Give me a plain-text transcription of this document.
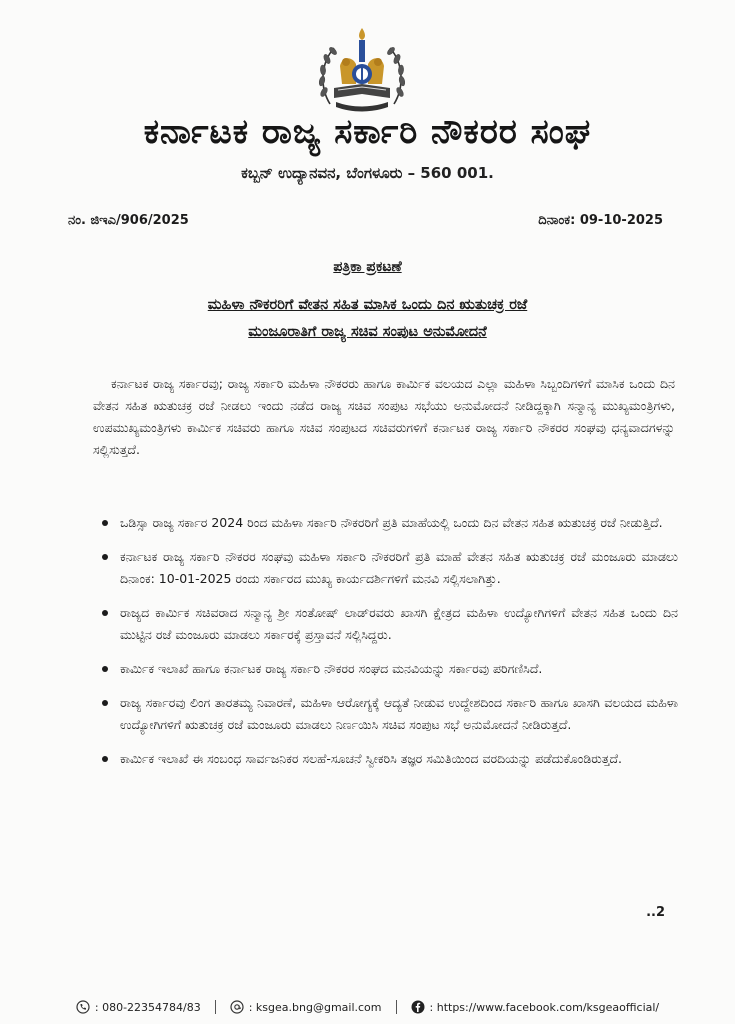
ಕರ್ನಾಟಕ ರಾಜ್ಯ ಸರ್ಕಾರಿ ನೌಕರರ ಸಂಘ
ಕಬ್ಬನ್ ಉದ್ಯಾನವನ, ಬೆಂಗಳೂರು – 560 001.
ನಂ. ಜಿಇಎ/906/2025	ದಿನಾಂಕ: 09-10-2025
ಪತ್ರಿಕಾ ಪ್ರಕಟಣೆ
ಮಹಿಳಾ ನೌಕರರಿಗೆ ವೇತನ ಸಹಿತ ಮಾಸಿಕ ಒಂದು ದಿನ ಋತುಚಕ್ರ ರಜೆ
ಮಂಜೂರಾತಿಗೆ ರಾಜ್ಯ ಸಚಿವ ಸಂಪುಟ ಅನುಮೋದನೆ

ಕರ್ನಾಟಕ ರಾಜ್ಯ ಸರ್ಕಾರವು; ರಾಜ್ಯ ಸರ್ಕಾರಿ ಮಹಿಳಾ ನೌಕರರು ಹಾಗೂ ಕಾರ್ಮಿಕ ವಲಯದ ಎಲ್ಲಾ ಮಹಿಳಾ ಸಿಬ್ಬಂದಿಗಳಿಗೆ ಮಾಸಿಕ ಒಂದು ದಿನ ವೇತನ ಸಹಿತ ಋತುಚಕ್ರ ರಜೆ ನೀಡಲು ಇಂದು ನಡೆದ ರಾಜ್ಯ ಸಚಿವ ಸಂಪುಟ ಸಭೆಯು ಅನುಮೋದನೆ ನೀಡಿದ್ದಕ್ಕಾಗಿ ಸನ್ಮಾನ್ಯ ಮುಖ್ಯಮಂತ್ರಿಗಳು, ಉಪಮುಖ್ಯಮಂತ್ರಿಗಳು ಕಾರ್ಮಿಕ ಸಚಿವರು ಹಾಗೂ ಸಚಿವ ಸಂಪುಟದ ಸಚಿವರುಗಳಿಗೆ ಕರ್ನಾಟಕ ರಾಜ್ಯ ಸರ್ಕಾರಿ ನೌಕರರ ಸಂಘವು ಧನ್ಯವಾದಗಳನ್ನು ಸಲ್ಲಿಸುತ್ತದೆ.

ಒಡಿಸ್ಸಾ ರಾಜ್ಯ ಸರ್ಕಾರ 2024 ರಿಂದ ಮಹಿಳಾ ಸರ್ಕಾರಿ ನೌಕರರಿಗೆ ಪ್ರತಿ ಮಾಹೆಯಲ್ಲಿ ಒಂದು ದಿನ ವೇತನ ಸಹಿತ ಋತುಚಕ್ರ ರಜೆ ನೀಡುತ್ತಿದೆ.
ಕರ್ನಾಟಕ ರಾಜ್ಯ ಸರ್ಕಾರಿ ನೌಕರರ ಸಂಘವು ಮಹಿಳಾ ಸರ್ಕಾರಿ ನೌಕರರಿಗೆ ಪ್ರತಿ ಮಾಹೆ ವೇತನ ಸಹಿತ ಋತುಚಕ್ರ ರಜೆ ಮಂಜೂರು ಮಾಡಲು ದಿನಾಂಕ: 10-01-2025 ರಂದು ಸರ್ಕಾರದ ಮುಖ್ಯ ಕಾರ್ಯದರ್ಶಿಗಳಿಗೆ ಮನವಿ ಸಲ್ಲಿಸಲಾಗಿತ್ತು.
ರಾಜ್ಯದ ಕಾರ್ಮಿಕ ಸಚಿವರಾದ ಸನ್ಮಾನ್ಯ ಶ್ರೀ ಸಂತೋಷ್ ಲಾಡ್‌ರವರು ಖಾಸಗಿ ಕ್ಷೇತ್ರದ ಮಹಿಳಾ ಉದ್ಯೋಗಿಗಳಿಗೆ ವೇತನ ಸಹಿತ ಒಂದು ದಿನ ಮುಟ್ಟಿನ ರಜೆ ಮಂಜೂರು ಮಾಡಲು ಸರ್ಕಾರಕ್ಕೆ ಪ್ರಸ್ತಾವನೆ ಸಲ್ಲಿಸಿದ್ದರು.
ಕಾರ್ಮಿಕ ಇಲಾಖೆ ಹಾಗೂ ಕರ್ನಾಟಕ ರಾಜ್ಯ ಸರ್ಕಾರಿ ನೌಕರರ ಸಂಘದ ಮನವಿಯನ್ನು ಸರ್ಕಾರವು ಪರಿಗಣಿಸಿದೆ.
ರಾಜ್ಯ ಸರ್ಕಾರವು ಲಿಂಗ ತಾರತಮ್ಯ ನಿವಾರಣೆ, ಮಹಿಳಾ ಆರೋಗ್ಯಕ್ಕೆ ಆದ್ಯತೆ ನೀಡುವ ಉದ್ದೇಶದಿಂದ ಸರ್ಕಾರಿ ಹಾಗೂ ಖಾಸಗಿ ವಲಯದ ಮಹಿಳಾ ಉದ್ಯೋಗಿಗಳಿಗೆ ಋತುಚಕ್ರ ರಜೆ ಮಂಜೂರು ಮಾಡಲು ನಿರ್ಣಯಿಸಿ ಸಚಿವ ಸಂಪುಟ ಸಭೆ ಅನುಮೋದನೆ ನೀಡಿರುತ್ತದೆ.
ಕಾರ್ಮಿಕ ಇಲಾಖೆ ಈ ಸಂಬಂಧ ಸಾರ್ವಜನಿಕರ ಸಲಹೆ-ಸೂಚನೆ ಸ್ವೀಕರಿಸಿ ತಜ್ಞರ ಸಮಿತಿಯಿಂದ ವರದಿಯನ್ನು ಪಡೆದುಕೊಂಡಿರುತ್ತದೆ.
..2
: 080-22354784/83	: ksgea.bng@gmail.com	: https://www.facebook.com/ksgeaofficial/
